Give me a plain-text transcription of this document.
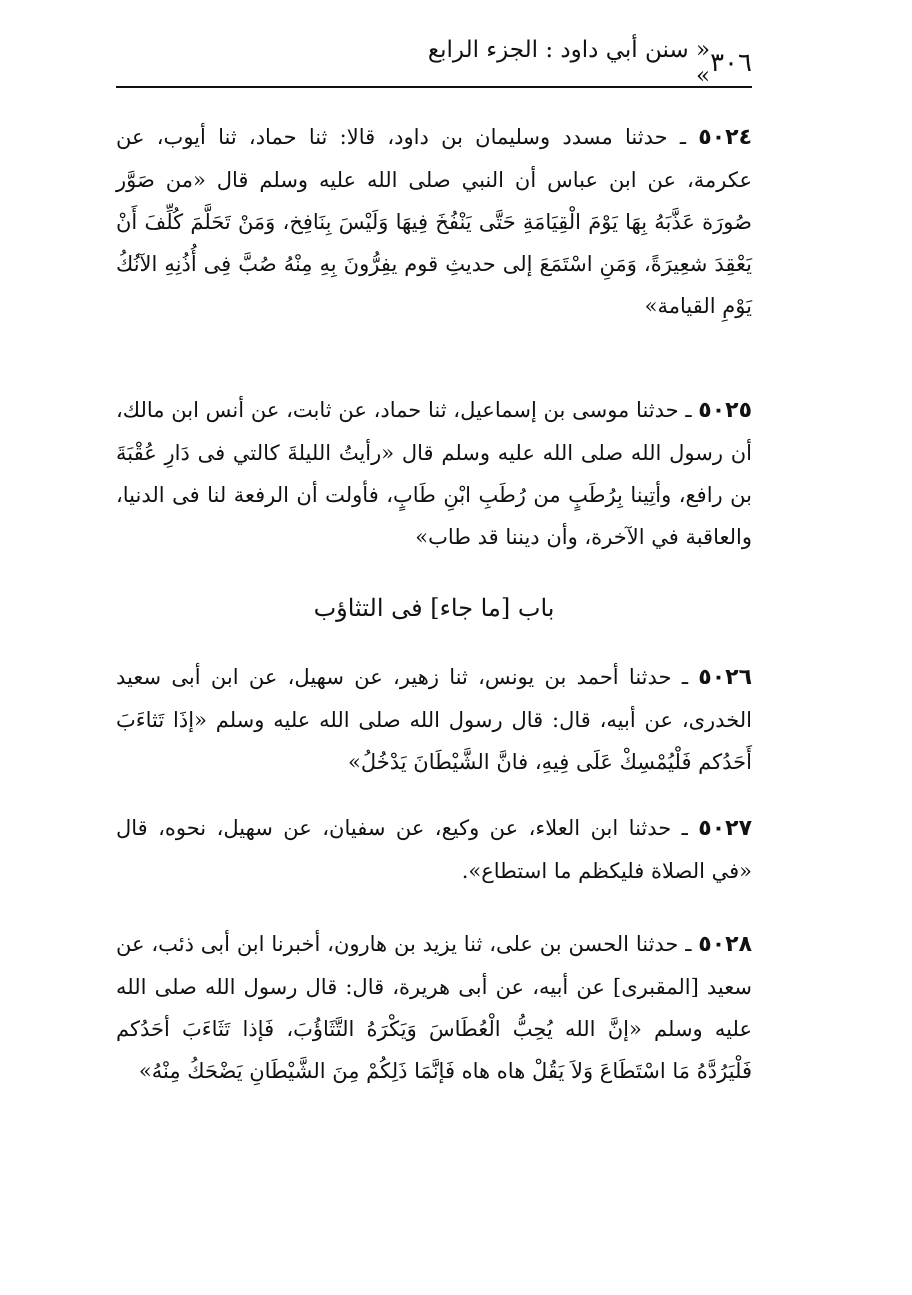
٣٠٦
« سنن أبي داود : الجزء الرابع »

٥٠٢٤ ـ حدثنا مسدد وسليمان بن داود، قالا: ثنا حماد، ثنا أيوب، عن عكرمة، عن ابن عباس أن النبي صلى الله عليه وسلم قال «من صَوَّر صُورَة عَذَّبَهُ بِهَا يَوْمَ الْقِيَامَةِ حَتَّى يَنْفُخَ فِيهَا وَلَيْسَ بِنَافِخ، وَمَنْ تَحَلَّمَ كُلِّفَ أَنْ يَعْقِدَ شعِيرَةً، وَمَنِ اسْتَمَعَ إلى حديثِ قوم يفِرُّونَ بِهِ مِنْهُ صُبَّ فِى أُذُنِهِ الآنُكُ يَوْمِ القيامة»

٥٠٢٥ ـ حدثنا موسى بن إسماعيل، ثنا حماد، عن ثابت، عن أنس ابن مالك، أن رسول الله صلى الله عليه وسلم قال «رأيتُ الليلةَ كالتي فى دَارِ عُقْبَةَ بن رافع، وأتِينا بِرُطَبٍ من رُطَبِ ابْنِ طَابٍ، فأولت أن الرفعة لنا فى الدنيا، والعاقبة في الآخرة، وأن ديننا قد طاب»

باب [ما جاء] فى التثاؤب

٥٠٢٦ ـ حدثنا أحمد بن يونس، ثنا زهير، عن سهيل، عن ابن أبى سعيد الخدرى، عن أبيه، قال: قال رسول الله صلى الله عليه وسلم «إذَا تَثاءَبَ أَحَدُكم فَلْيُمْسِكْ عَلَى فِيهِ، فانَّ الشَّيْطَانَ يَدْخُلُ»

٥٠٢٧ ـ حدثنا ابن العلاء، عن وكيع، عن سفيان، عن سهيل، نحوه، قال «في الصلاة فليكظم ما استطاع».

٥٠٢٨ ـ حدثنا الحسن بن على، ثنا يزيد بن هارون، أخبرنا ابن أبى ذئب، عن سعيد [المقبرى] عن أبيه، عن أبى هريرة، قال: قال رسول الله صلى الله عليه وسلم «إنَّ الله يُحِبُّ الْعُطَاسَ وَيَكْرَهُ التَّثَاؤُبَ، فَإذا تَثَاءَبَ أحَدُكم فَلْيَرُدَّهُ مَا اسْتَطَاعَ وَلاَ يَقُلْ هاه هاه فَإنَّمَا ذَلِكُمْ مِنَ الشَّيْطَانِ يَضْحَكُ مِنْهُ»
